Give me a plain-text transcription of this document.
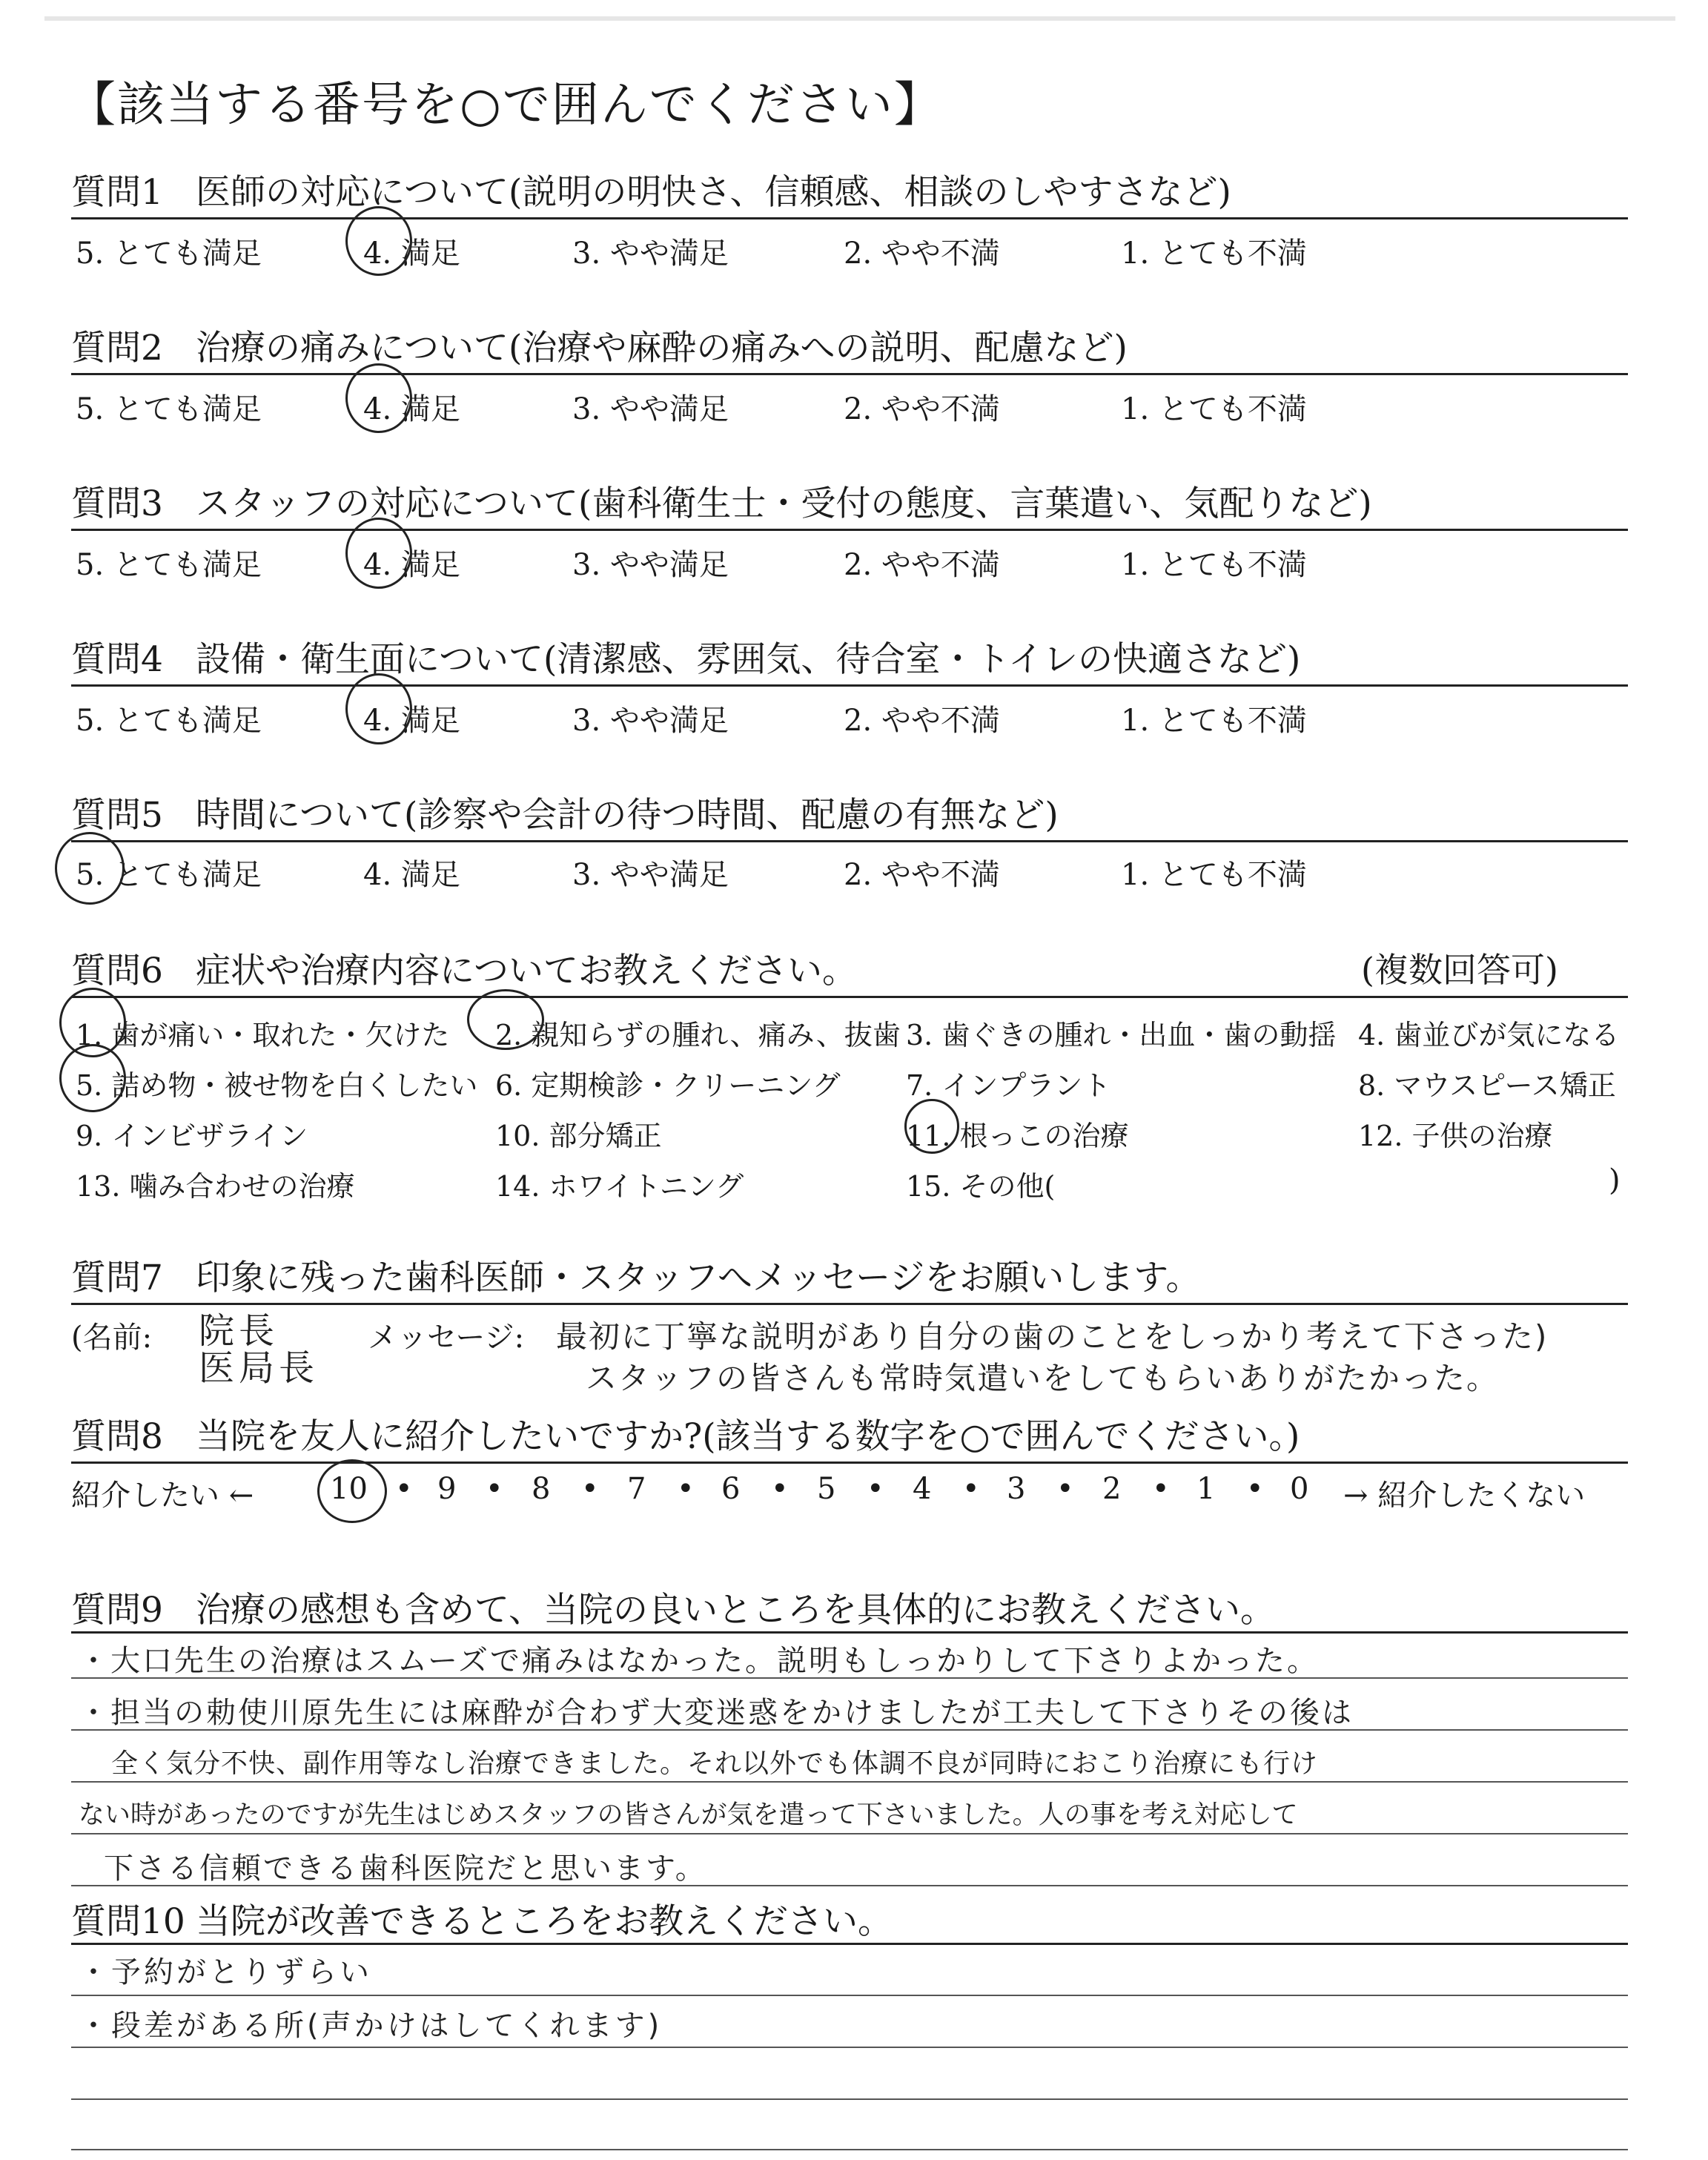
【該当する番号を○で囲んでください】
質問1 医師の対応について(説明の明快さ、信頼感、相談のしやすさなど)
5. とても満足	4. 満足	3. やや満足	2. やや不満	1. とても不満
質問2 治療の痛みについて(治療や麻酔の痛みへの説明、配慮など)
5. とても満足	4. 満足	3. やや満足	2. やや不満	1. とても不満
質問3 スタッフの対応について(歯科衛生士・受付の態度、言葉遣い、気配りなど)
5. とても満足	4. 満足	3. やや満足	2. やや不満	1. とても不満
質問4 設備・衛生面について(清潔感、雰囲気、待合室・トイレの快適さなど)
5. とても満足	4. 満足	3. やや満足	2. やや不満	1. とても不満
質問5 時間について(診察や会計の待つ時間、配慮の有無など)
5. とても満足	4. 満足	3. やや満足	2. やや不満	1. とても不満
質問6 症状や治療内容についてお教えください。	(複数回答可)
1. 歯が痛い・取れた・欠けた 2. 親知らずの腫れ、痛み、抜歯 3. 歯ぐきの腫れ・出血・歯の動揺 4. 歯並びが気になる
5. 詰め物・被せ物を白くしたい 6. 定期検診・クリーニング 7. インプラント	8. マウスピース矯正
9. インビザライン	10. 部分矯正	11. 根っこの治療	12. 子供の治療
13. 噛み合わせの治療	14. ホワイトニング	15. その他(	)
質問7 印象に残った歯科医師・スタッフへメッセージをお願いします。
(名前:	メッセージ:
院長
医局長
最初に丁寧な説明があり自分の歯のことをしっかり考えて下さった)
スタッフの皆さんも常時気遣いをしてもらいありがたかった。
質問8 当院を友人に紹介したいですか?(該当する数字を○で囲んでください。)
紹介したい ←	10 • 9 • 8 • 7 • 6 • 5 • 4 • 3 • 2 • 1 • 0 → 紹介したくない
質問9 治療の感想も含めて、当院の良いところを具体的にお教えください。
・大口先生の治療はスムーズで痛みはなかった。説明もしっかりして下さりよかった。
・担当の勅使川原先生には麻酔が合わず大変迷惑をかけましたが工夫して下さりその後は
全く気分不快、副作用等なし治療できました。それ以外でも体調不良が同時におこり治療にも行け
ない時があったのですが先生はじめスタッフの皆さんが気を遣って下さいました。人の事を考え対応して
下さる信頼できる歯科医院だと思います。
質問10 当院が改善できるところをお教えください。
・予約がとりずらい
・段差がある所(声かけはしてくれます)
